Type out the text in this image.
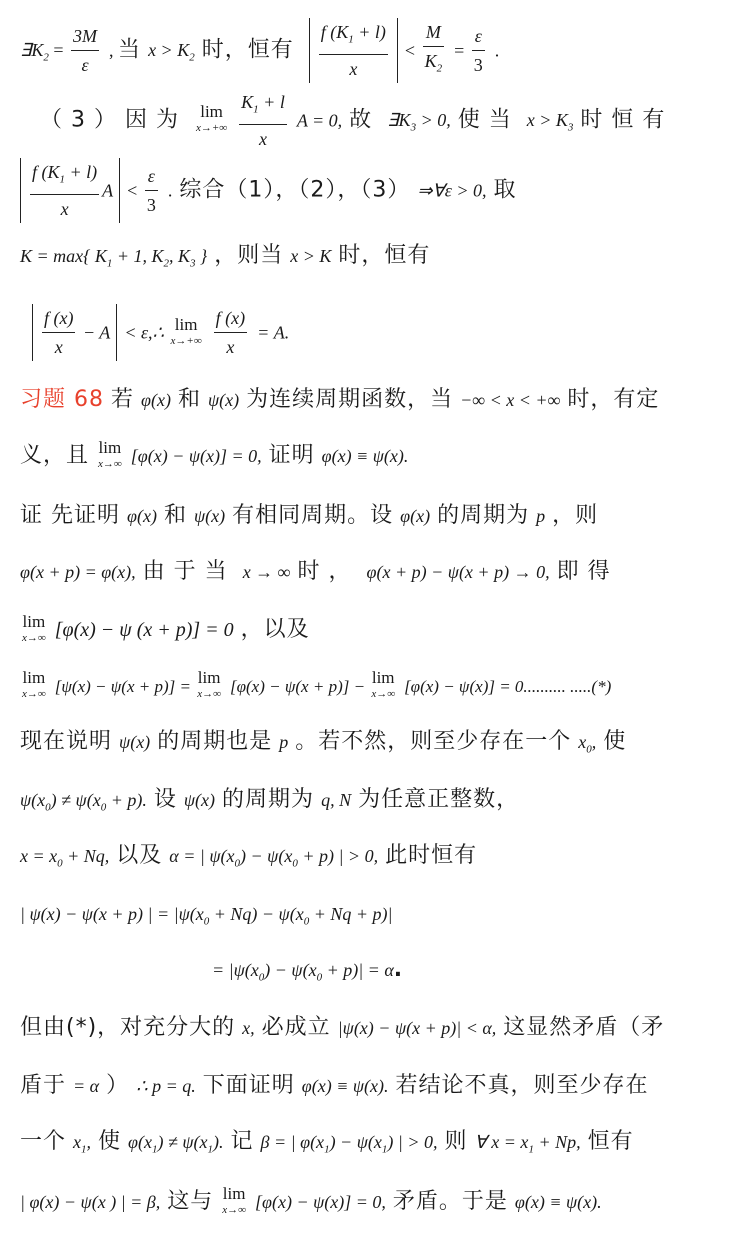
$\exists K_2 = \frac{3M}{\varepsilon}$ , 当 $x > K_2$ 时，恒有 $\frac{f (K_1 + l)}{x} < \frac{M}{K_2} = \frac{\varepsilon}{3}$ .
（3）因为 lim
x→+∞
$\frac{K_1 + l}{x}$ A = 0, 故 $\exists K_3 > 0$, 使当 $x > K_3$ 时恒有
$\frac{f (K_1 + l)}{x}$ $A < \frac{\varepsilon}{3}$ . 综合（1），（2），（3） ⇒∀ε > 0, 取
K = max{ $K_1 + 1$, $K_2$, $K_3$ } ，则当 x > K 时，恒有
$\frac{f (x)}{x} - A$ < ε,∴ lim
x→+∞
$\frac{f (x)}{x} = A$.
习题 68 若 φ(x) 和 ψ(x) 为连续周期函数，当 −∞ < x < +∞ 时，有定
义，且 lim
x→∞ [φ(x) − ψ(x)] = 0, 证明 φ(x) ≡ ψ(x).
证 先证明 φ(x) 和 ψ(x) 有相同周期。设 φ(x) 的周期为 p ，则
φ(x + p) = φ(x), 由于当 x → ∞ 时， φ(x + p) − ψ(x + p) → 0, 即得
lim
x→∞ [φ(x) − ψ (x + p)] = 0 ，以及
lim
x→∞ [ψ(x) − ψ(x + p)] = lim
x→∞ [φ(x) − ψ(x + p)] − lim
x→∞ [φ(x) − ψ(x)] = 0.......... .....(*)
现在说明 ψ(x) 的周期也是 p 。若不然，则至少存在一个 $x_0$, 使
$\psi(x_0) \ne \psi(x_0 + p)$. 设 ψ(x) 的周期为 q, N 为任意正整数，
$x = x_0 + Nq$, 以及 α = | $\psi(x_0) - \psi(x_0 + p)$ | > 0, 此时恒有
| ψ(x) − ψ(x + p) | = $|\psi(x_0 + Nq) - \psi(x_0 + Nq + p)|$
= $|\psi(x_0) - \psi(x_0 + p)| = \alpha$.
但由(*)，对充分大的 x, 必成立 |ψ(x) − ψ(x + p)| < α, 这显然矛盾（矛
盾于 = α ） ∴ p = q. 下面证明 φ(x) ≡ ψ(x). 若结论不真，则至少存在
一个 $x_1$, 使 $\varphi(x_1) \ne \psi(x_1)$. 记 β = | $\varphi(x_1) - \psi(x_1)$ | > 0, 则 ∀ $x = x_1 + Np$, 恒有
| φ(x) − ψ(x ) | = β, 这与 lim
x→∞ [φ(x) − ψ(x)] = 0, 矛盾。于是 φ(x) ≡ ψ(x).
